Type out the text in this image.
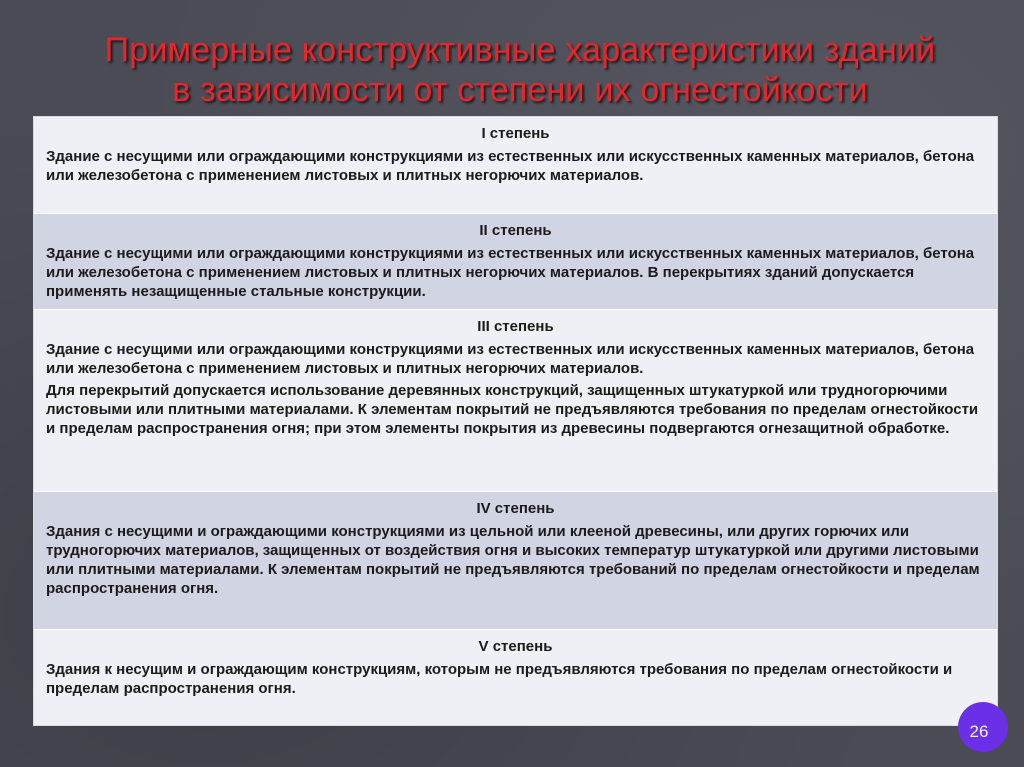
Примерные конструктивные характеристики зданий
в зависимости от степени их огнестойкости
I степень

Здание с несущими или ограждающими конструкциями из естественных или искусственных каменных материалов, бетона или железобетона с применением листовых и плитных негорючих материалов.

II степень

Здание с несущими или ограждающими конструкциями из естественных или искусственных каменных материалов, бетона или железобетона с применением листовых и плитных негорючих материалов. В перекрытиях зданий допускается применять незащищенные стальные конструкции.

III степень

Здание с несущими или ограждающими конструкциями из естественных или искусственных каменных материалов, бетона или железобетона с применением листовых и плитных негорючих материалов.

Для перекрытий допускается использование деревянных конструкций, защищенных штукатуркой или трудногорючими листовыми или плитными материалами. К элементам покрытий не предъявляются требования по пределам огнестойкости и пределам распространения огня; при этом элементы покрытия из древесины подвергаются огнезащитной обработке.

IV степень

Здания с несущими и ограждающими конструкциями из цельной или клееной древесины, или других горючих или трудногорючих материалов, защищенных от воздействия огня и высоких температур штукатуркой или другими листовыми или плитными материалами. К элементам покрытий не предъявляются требований по пределам огнестойкости и пределам распространения огня.

V степень

Здания к несущим и ограждающим конструкциям, которым не предъявляются требования по пределам огнестойкости и пределам распространения огня.

26
